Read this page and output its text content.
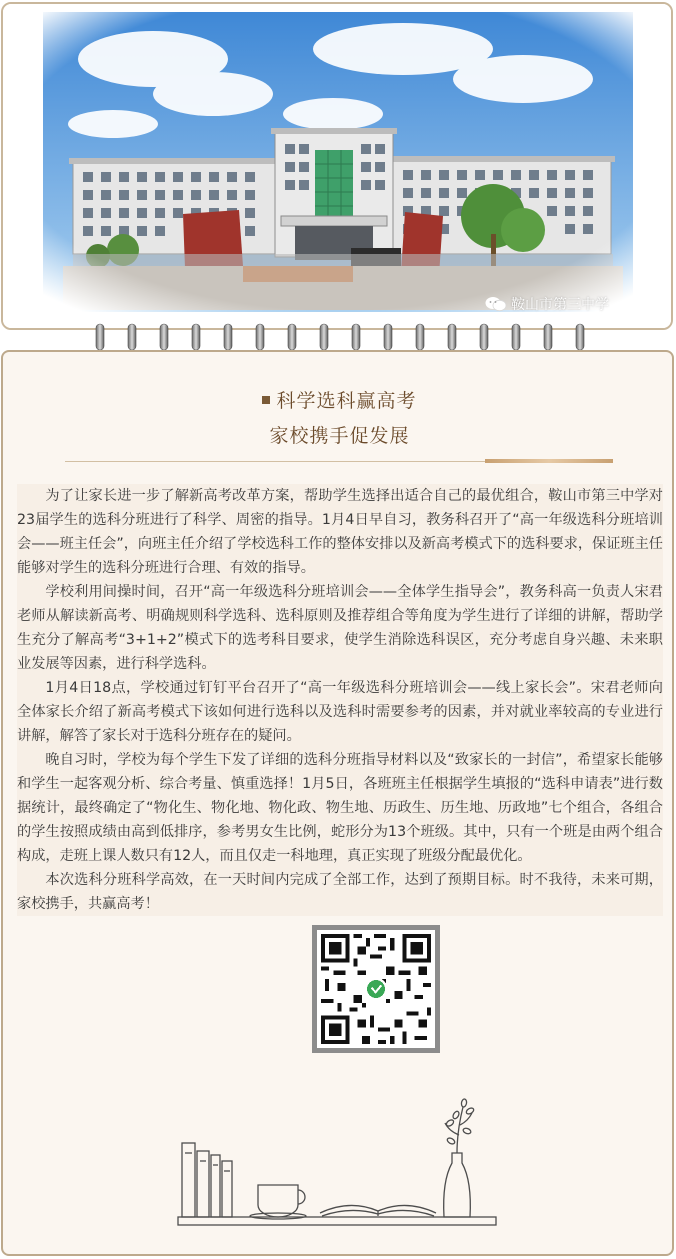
鞍山市第三中学
科学选科赢高考
家校携手促发展

为了让家长进一步了解新高考改革方案，帮助学生选择出适合自己的最优组合，鞍山市第三中学对23届学生的选科分班进行了科学、周密的指导。1月4日早自习，教务科召开了“高一年级选科分班培训会——班主任会”，向班主任介绍了学校选科工作的整体安排以及新高考模式下的选科要求，保证班主任能够对学生的选科分班进行合理、有效的指导。

学校利用间操时间，召开“高一年级选科分班培训会——全体学生指导会”，教务科高一负责人宋君老师从解读新高考、明确规则科学选科、选科原则及推荐组合等角度为学生进行了详细的讲解，帮助学生充分了解高考“3+1+2”模式下的选考科目要求，使学生消除选科误区，充分考虑自身兴趣、未来职业发展等因素，进行科学选科。

1月4日18点，学校通过钉钉平台召开了“高一年级选科分班培训会——线上家长会”。宋君老师向全体家长介绍了新高考模式下该如何进行选科以及选科时需要参考的因素，并对就业率较高的专业进行讲解，解答了家长对于选科分班存在的疑问。

晚自习时，学校为每个学生下发了详细的选科分班指导材料以及“致家长的一封信”，希望家长能够和学生一起客观分析、综合考量、慎重选择！1月5日，各班班主任根据学生填报的“选科申请表”进行数据统计，最终确定了“物化生、物化地、物化政、物生地、历政生、历生地、历政地”七个组合，各组合的学生按照成绩由高到低排序，参考男女生比例，蛇形分为13个班级。其中，只有一个班是由两个组合构成，走班上课人数只有12人，而且仅走一科地理，真正实现了班级分配最优化。

本次选科分班科学高效，在一天时间内完成了全部工作，达到了预期目标。时不我待，未来可期，家校携手，共赢高考！
